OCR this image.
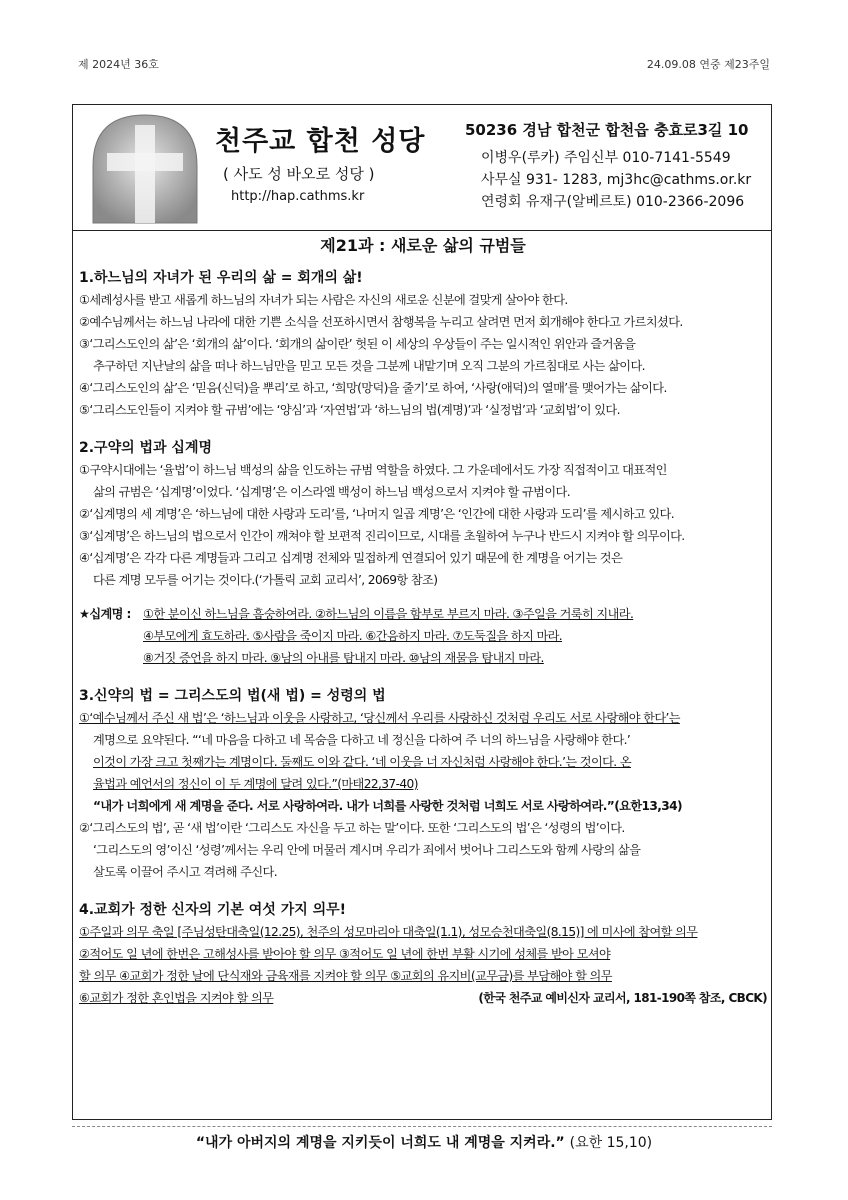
제 2024년 36호	24.09.08 연중 제23주일
천주교 합천 성당
( 사도 성 바오로 성당 )
http://hap.cathms.kr
50236 경남 합천군 합천읍 충효로3길 10
이병우(루카) 주임신부 010-7141-5549
사무실 931- 1283, mj3hc@cathms.or.kr
연령회 유재구(알베르토) 010-2366-2096
제21과 : 새로운 삶의 규범들
1.하느님의 자녀가 된 우리의 삶 = 회개의 삶!
①세례성사를 받고 새롭게 하느님의 자녀가 되는 사람은 자신의 새로운 신분에 걸맞게 살아야 한다.
②예수님께서는 하느님 나라에 대한 기쁜 소식을 선포하시면서 참행복을 누리고 살려면 먼저 회개해야 한다고 가르치셨다.
③‘그리스도인의 삶’은 ‘회개의 삶’이다. ‘회개의 삶이란’ 헛된 이 세상의 우상들이 주는 일시적인 위안과 즐거움을
추구하던 지난날의 삶을 떠나 하느님만을 믿고 모든 것을 그분께 내맡기며 오직 그분의 가르침대로 사는 삶이다.
④‘그리스도인의 삶’은 ‘믿음(신덕)을 뿌리’로 하고, ‘희망(망덕)을 줄기’로 하여, ‘사랑(애덕)의 열매’를 맺어가는 삶이다.
⑤‘그리스도인들이 지켜야 할 규범’에는 ‘양심’과 ‘자연법’과 ‘하느님의 법(계명)’과 ‘실정법’과 ‘교회법’이 있다.
2.구약의 법과 십계명
①구약시대에는 ‘율법’이 하느님 백성의 삶을 인도하는 규범 역할을 하였다. 그 가운데에서도 가장 직접적이고 대표적인
삶의 규범은 ‘십계명’이었다. ‘십계명’은 이스라엘 백성이 하느님 백성으로서 지켜야 할 규범이다.
②‘십계명의 세 계명’은 ‘하느님에 대한 사랑과 도리’를, ‘나머지 일곱 계명’은 ‘인간에 대한 사랑과 도리’를 제시하고 있다.
③‘십계명’은 하느님의 법으로서 인간이 깨쳐야 할 보편적 진리이므로, 시대를 초월하여 누구나 반드시 지켜야 할 의무이다.
④‘십계명’은 각각 다른 계명들과 그리고 십계명 전체와 밀접하게 연결되어 있기 때문에 한 계명을 어기는 것은
다른 계명 모두를 어기는 것이다.(‘가톨릭 교회 교리서’, 2069항 참조)
★십계명 : ①한 분이신 하느님을 흠숭하여라. ②하느님의 이름을 함부로 부르지 마라. ③주일을 거룩히 지내라.
④부모에게 효도하라. ⑤사람을 죽이지 마라. ⑥간음하지 마라. ⑦도둑질을 하지 마라.
⑧거짓 증언을 하지 마라. ⑨남의 아내를 탐내지 마라. ⑩남의 재물을 탐내지 마라.
3.신약의 법 = 그리스도의 법(새 법) = 성령의 법
①‘예수님께서 주신 새 법’은 ‘하느님과 이웃을 사랑하고, ‘당신께서 우리를 사랑하신 것처럼 우리도 서로 사랑해야 한다’는
계명으로 요약된다. “‘네 마음을 다하고 네 목숨을 다하고 네 정신을 다하여 주 너의 하느님을 사랑해야 한다.’
이것이 가장 크고 첫째가는 계명이다. 둘째도 이와 같다. ‘네 이웃을 너 자신처럼 사랑해야 한다.’는 것이다. 온
율법과 예언서의 정신이 이 두 계명에 달려 있다.”(마태22,37-40)
“내가 너희에게 새 계명을 준다. 서로 사랑하여라. 내가 너희를 사랑한 것처럼 너희도 서로 사랑하여라.”(요한13,34)
②‘그리스도의 법’, 곧 ‘새 법’이란 ‘그리스도 자신을 두고 하는 말’이다. 또한 ‘그리스도의 법’은 ‘성령의 법’이다.
‘그리스도의 영’이신 ‘성령’께서는 우리 안에 머물러 계시며 우리가 죄에서 벗어나 그리스도와 함께 사랑의 삶을
살도록 이끌어 주시고 격려해 주신다.
4.교회가 정한 신자의 기본 여섯 가지 의무!
①주일과 의무 축일 [주님성탄대축일(12.25), 천주의 성모마리아 대축일(1.1), 성모승천대축일(8.15)] 에 미사에 참여할 의무
②적어도 일 년에 한번은 고해성사를 받아야 할 의무 ③적어도 일 년에 한번 부활 시기에 성체를 받아 모셔야
할 의무 ④교회가 정한 날에 단식재와 금육재를 지켜야 할 의무 ⑤교회의 유지비(교무금)를 부담해야 할 의무
⑥교회가 정한 혼인법을 지켜야 할 의무	(한국 천주교 예비신자 교리서, 181-190쪽 참조, CBCK)
“내가 아버지의 계명을 지키듯이 너희도 내 계명을 지켜라.” (요한 15,10)
